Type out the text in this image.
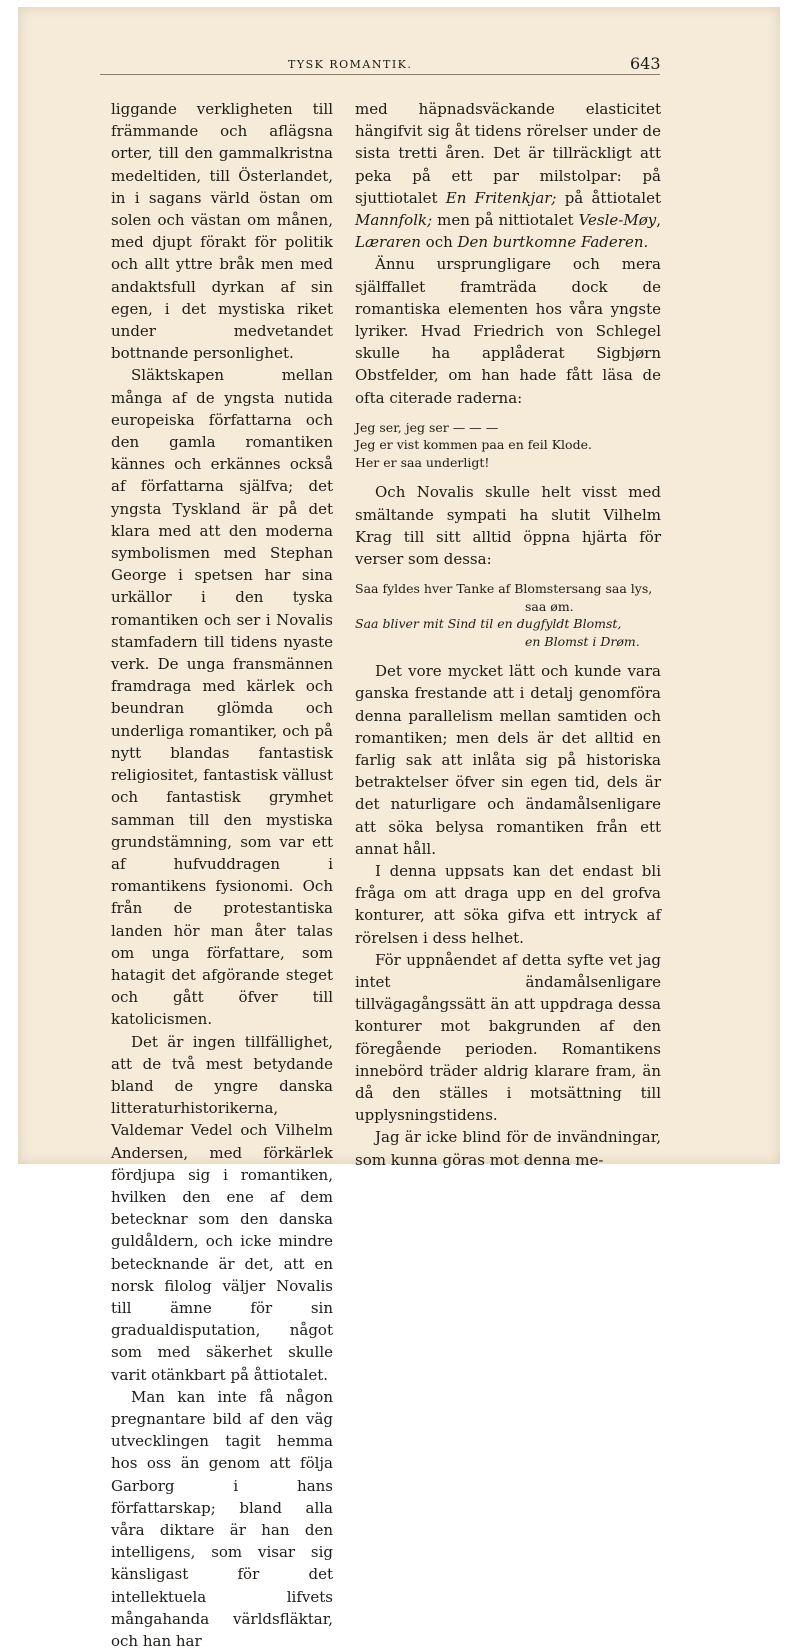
TYSK ROMANTIK.	643

liggande verkligheten till främmande och aflägsna orter, till den gammalkristna medeltiden, till Österlandet, in i sagans värld östan om solen och västan om månen, med djupt förakt för politik och allt yttre bråk men med andaktsfull dyrkan af sin egen, i det mystiska riket under medvetandet bottnande personlighet.

Släktskapen mellan många af de yngsta nutida europeiska författarna och den gamla romantiken kännes och erkännes också af författarna själfva; det yngsta Tyskland är på det klara med att den moderna symbolismen med Stephan George i spetsen har sina urkällor i den tyska romantiken och ser i Novalis stamfadern till tidens nyaste verk. De unga fransmännen framdraga med kärlek och beundran glömda och underliga romantiker, och på nytt blandas fantastisk religiositet, fantastisk vällust och fantastisk grymhet samman till den mystiska grundstämning, som var ett af hufvuddragen i romantikens fysionomi. Och från de protestantiska landen hör man åter talas om unga författare, som hatagit det afgörande steget och gått öfver till katolicismen.

Det är ingen tillfällighet, att de två mest betydande bland de yngre danska litteraturhistorikerna, Valdemar Vedel och Vilhelm Andersen, med förkärlek fördjupa sig i romantiken, hvilken den ene af dem betecknar som den danska guldåldern, och icke mindre betecknande är det, att en norsk filolog väljer Novalis till ämne för sin gradualdisputation, något som med säkerhet skulle varit otänkbart på åttiotalet.

Man kan inte få någon pregnantare bild af den väg utvecklingen tagit hemma hos oss än genom att följa Garborg i hans författarskap; bland alla våra diktare är han den intelligens, som visar sig känsligast för det intellektuela lifvets mångahanda världsfläktar, och han har

med häpnadsväckande elasticitet hängifvit sig åt tidens rörelser under de sista tretti åren. Det är tillräckligt att peka på ett par milstolpar: på sjuttiotalet En Fritenkjar; på åttiotalet Mannfolk; men på nittiotalet Vesle-Møy, Læraren och Den burtkomne Faderen.

Ännu ursprungligare och mera själffallet framträda dock de romantiska elementen hos våra yngste lyriker. Hvad Friedrich von Schlegel skulle ha applåderat Sigbjørn Obstfelder, om han hade fått läsa de ofta citerade raderna:

Jeg ser, jeg ser — — —
Jeg er vist kommen paa en feil Klode.
Her er saa underligt!

Och Novalis skulle helt visst med smältande sympati ha slutit Vilhelm Krag till sitt alltid öppna hjärta för verser som dessa:

Saa fyldes hver Tanke af Blomstersang saa lys,
saa øm.
Saa bliver mit Sind til en dugfyldt Blomst,
en Blomst i Drøm.

Det vore mycket lätt och kunde vara ganska frestande att i detalj genomföra denna parallelism mellan samtiden och romantiken; men dels är det alltid en farlig sak att inlåta sig på historiska betraktelser öfver sin egen tid, dels är det naturligare och ändamålsenligare att söka belysa romantiken från ett annat håll.

I denna uppsats kan det endast bli fråga om att draga upp en del grofva konturer, att söka gifva ett intryck af rörelsen i dess helhet.

För uppnåendet af detta syfte vet jag intet ändamålsenligare tillvägagångssätt än att uppdraga dessa konturer mot bakgrunden af den föregående perioden. Romantikens innebörd träder aldrig klarare fram, än då den ställes i motsättning till upplysningstidens.

Jag är icke blind för de invändningar, som kunna göras mot denna me-
